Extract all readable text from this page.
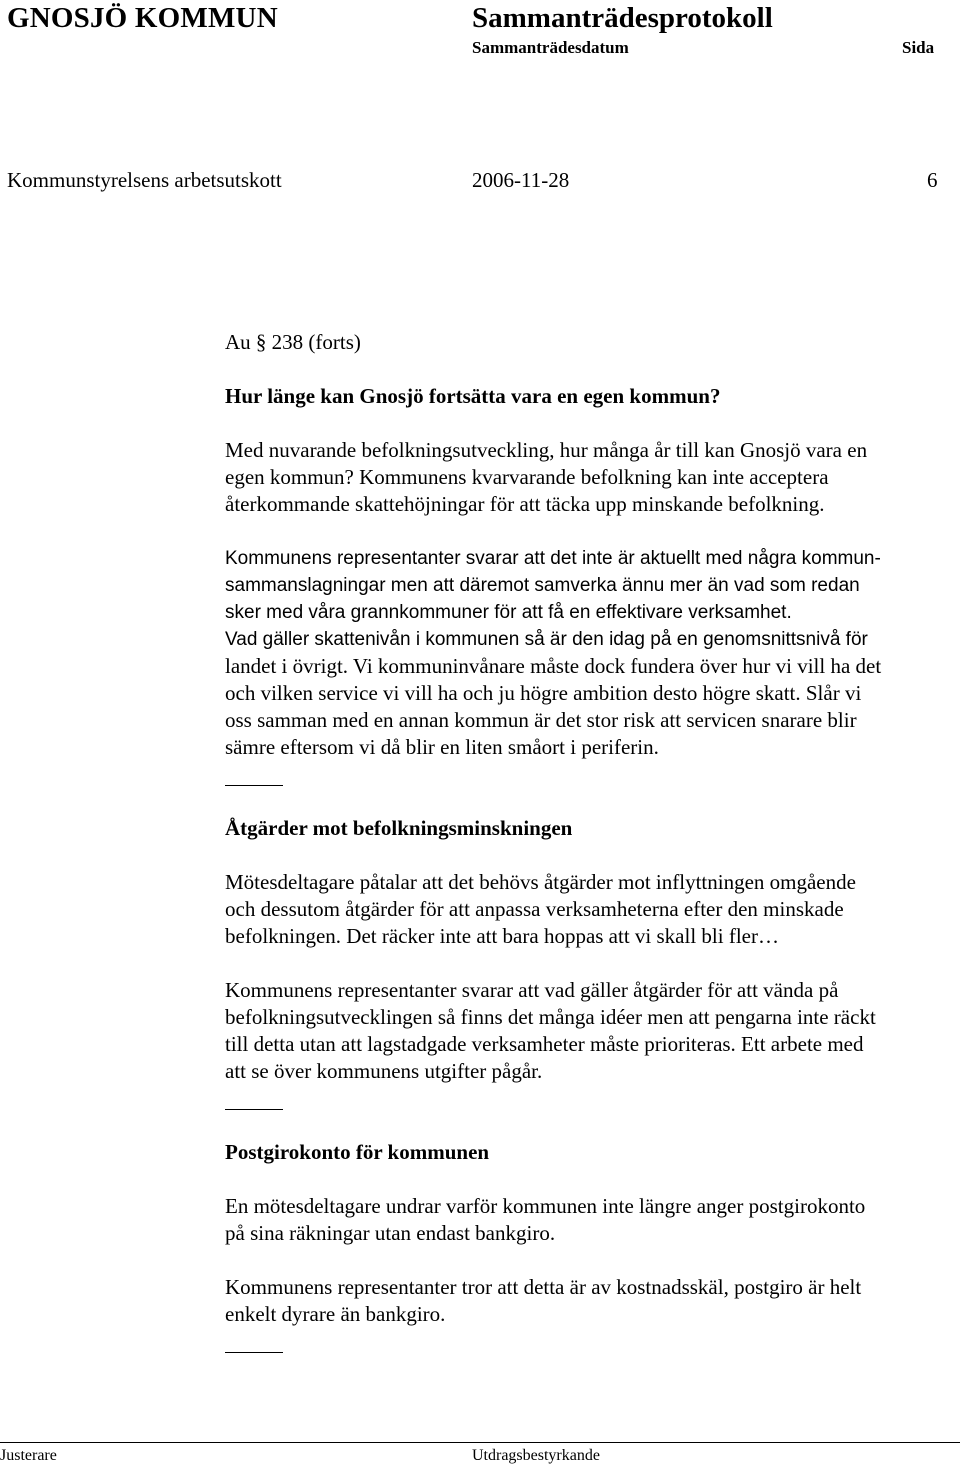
GNOSJÖ KOMMUN	Sammanträdesprotokoll
Sammanträdesdatum	Sida
Kommunstyrelsens arbetsutskott	2006-11-28	6

Au § 238 (forts)

Hur länge kan Gnosjö fortsätta vara en egen kommun?

Med nuvarande befolkningsutveckling, hur många år till kan Gnosjö vara en

egen kommun? Kommunens kvarvarande befolkning kan inte acceptera

återkommande skattehöjningar för att täcka upp minskande befolkning.

Kommunens representanter svarar att det inte är aktuellt med några kommun-

sammanslagningar men att däremot samverka ännu mer än vad som redan

sker med våra grannkommuner för att få en effektivare verksamhet.

Vad gäller skattenivån i kommunen så är den idag på en genomsnittsnivå för

landet i övrigt. Vi kommuninvånare måste dock fundera över hur vi vill ha det

och vilken service vi vill ha och ju högre ambition desto högre skatt. Slår vi

oss samman med en annan kommun är det stor risk att servicen snarare blir

sämre eftersom vi då blir en liten småort i periferin.

Åtgärder mot befolkningsminskningen

Mötesdeltagare påtalar att det behövs åtgärder mot inflyttningen omgående

och dessutom åtgärder för att anpassa verksamheterna efter den minskade

befolkningen. Det räcker inte att bara hoppas att vi skall bli fler…

Kommunens representanter svarar att vad gäller åtgärder för att vända på

befolkningsutvecklingen så finns det många idéer men att pengarna inte räckt

till detta utan att lagstadgade verksamheter måste prioriteras. Ett arbete med

att se över kommunens utgifter pågår.

Postgirokonto för kommunen

En mötesdeltagare undrar varför kommunen inte längre anger postgirokonto

på sina räkningar utan endast bankgiro.

Kommunens representanter tror att detta är av kostnadsskäl, postgiro är helt

enkelt dyrare än bankgiro.

Justerare	Utdragsbestyrkande
